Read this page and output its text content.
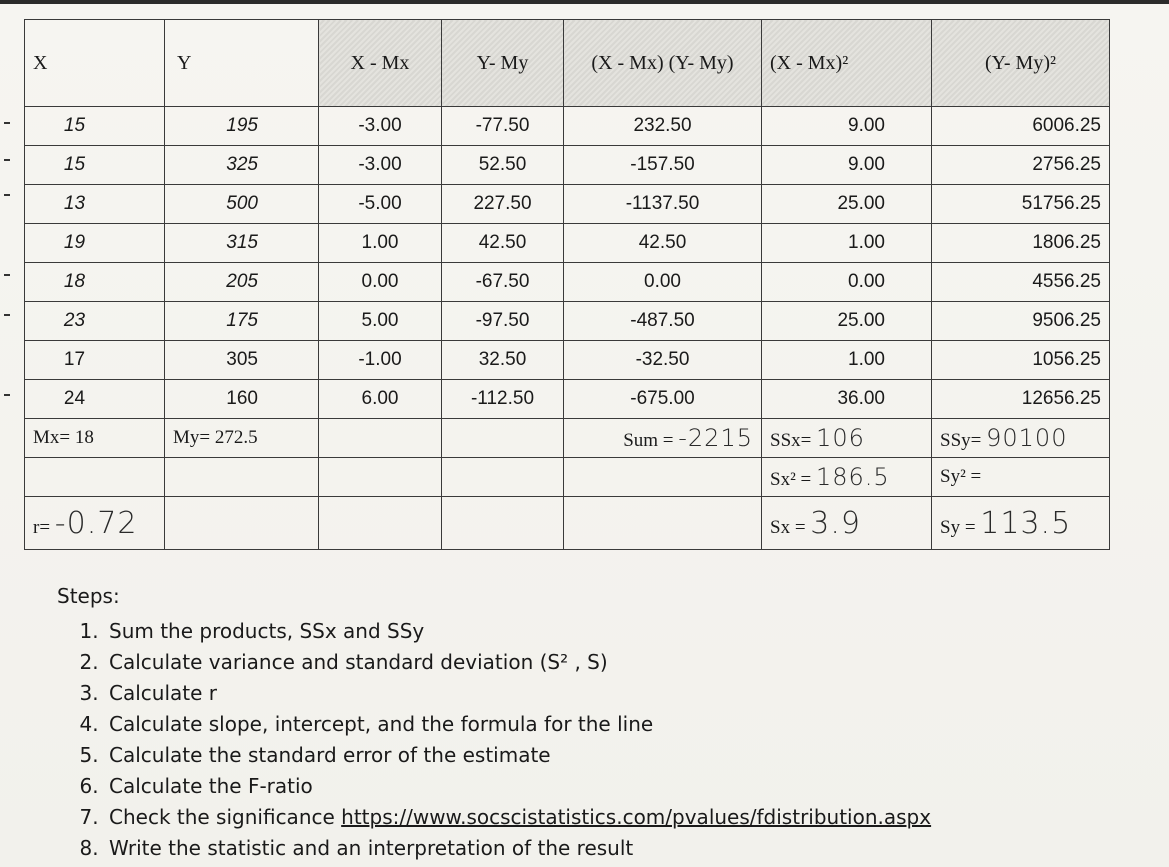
X	Y	X - Mx	Y- My	(X - Mx) (Y- My)	(X - Mx)²	(Y- My)²
15	195	-3.00	-77.50	232.50	9.00	6006.25
15	325	-3.00	52.50	-157.50	9.00	2756.25
13	500	-5.00	227.50	-1137.50	25.00	51756.25
19	315	1.00	42.50	42.50	1.00	1806.25
18	205	0.00	-67.50	0.00	0.00	4556.25
23	175	5.00	-97.50	-487.50	25.00	9506.25
17	305	-1.00	32.50	-32.50	1.00	1056.25
24	160	6.00	-112.50	-675.00	36.00	12656.25
Mx= 18	My= 272.5			Sum = -2215	SSx= 106	SSy= 90100
					Sx² = 186.5	Sy² =
r= -0.72					Sx = 3.9	Sy = 113.5
Steps:
1. Sum the products, SSx and SSy
2. Calculate variance and standard deviation (S² , S)
3. Calculate r
4. Calculate slope, intercept, and the formula for the line
5. Calculate the standard error of the estimate
6. Calculate the F-ratio
7. Check the significance https://www.socscistatistics.com/pvalues/fdistribution.aspx
8. Write the statistic and an interpretation of the result
